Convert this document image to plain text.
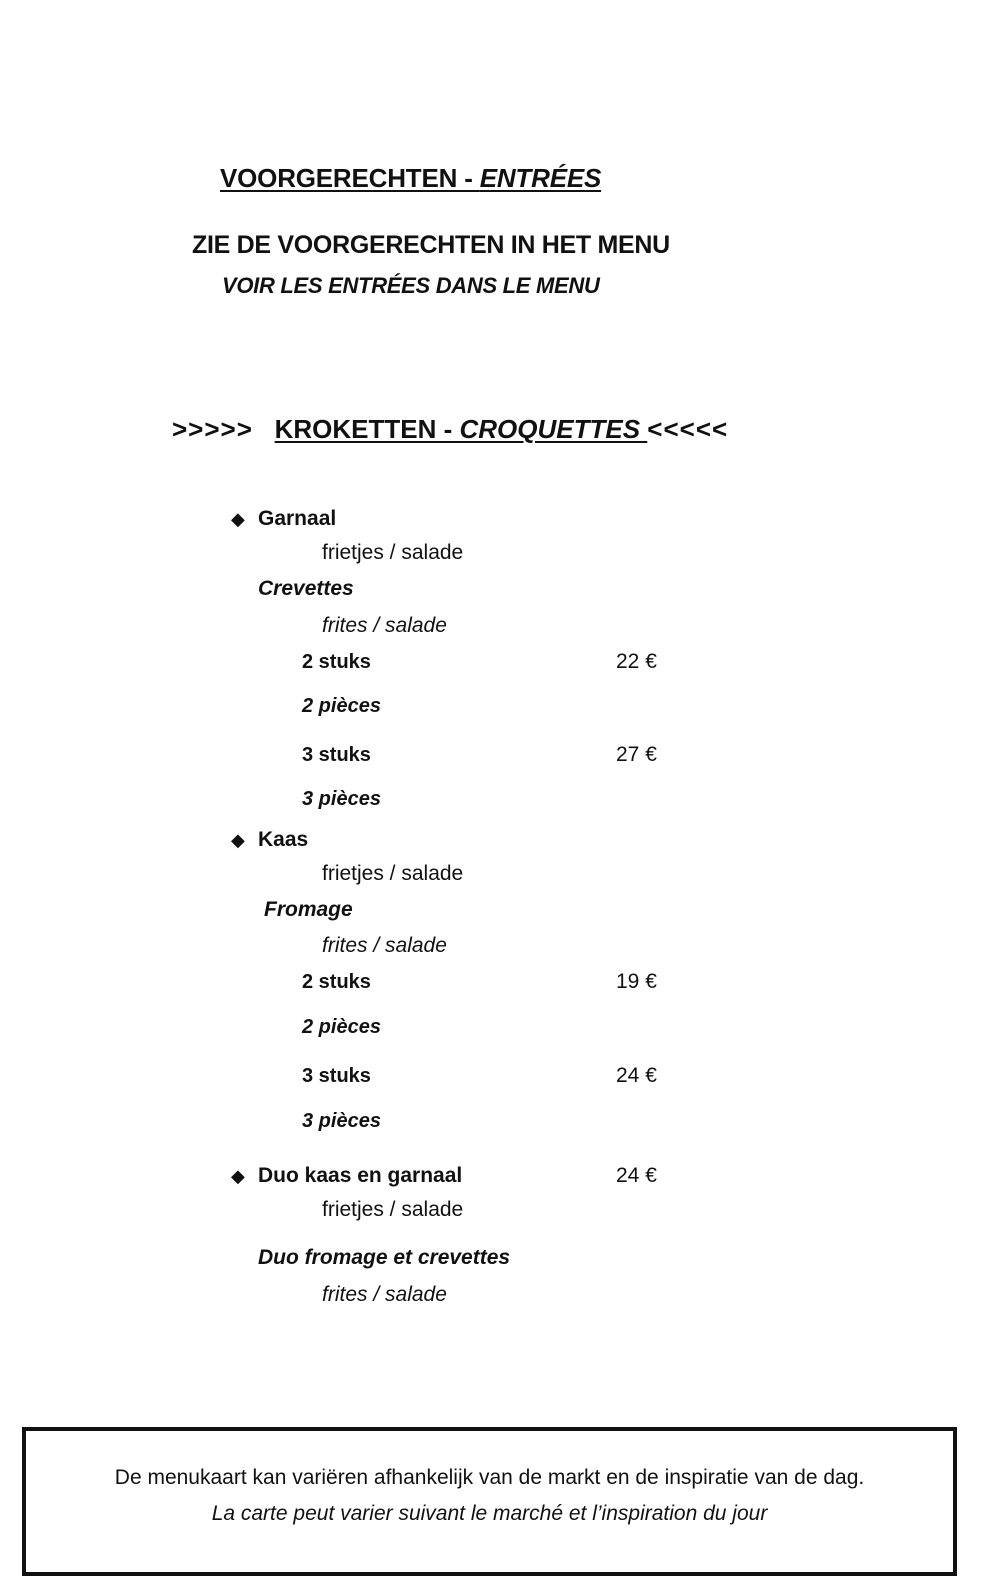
VOORGERECHTEN - ENTRÉES
ZIE DE VOORGERECHTEN IN HET MENU
VOIR LES ENTRÉES DANS LE MENU
>>>>> KROKETTEN - CROQUETTES <<<<<
◆ Garnaal
frietjes / salade
Crevettes
frites / salade
2 stuks	22 €
2 pièces
3 stuks	27 €
3 pièces
◆ Kaas
frietjes / salade
Fromage
frites / salade
2 stuks	19 €
2 pièces
3 stuks	24 €
3 pièces
◆ Duo kaas en garnaal	24 €
frietjes / salade
Duo fromage et crevettes
frites / salade
De menukaart kan variëren afhankelijk van de markt en de inspiratie van de dag.
La carte peut varier suivant le marché et l’inspiration du jour
